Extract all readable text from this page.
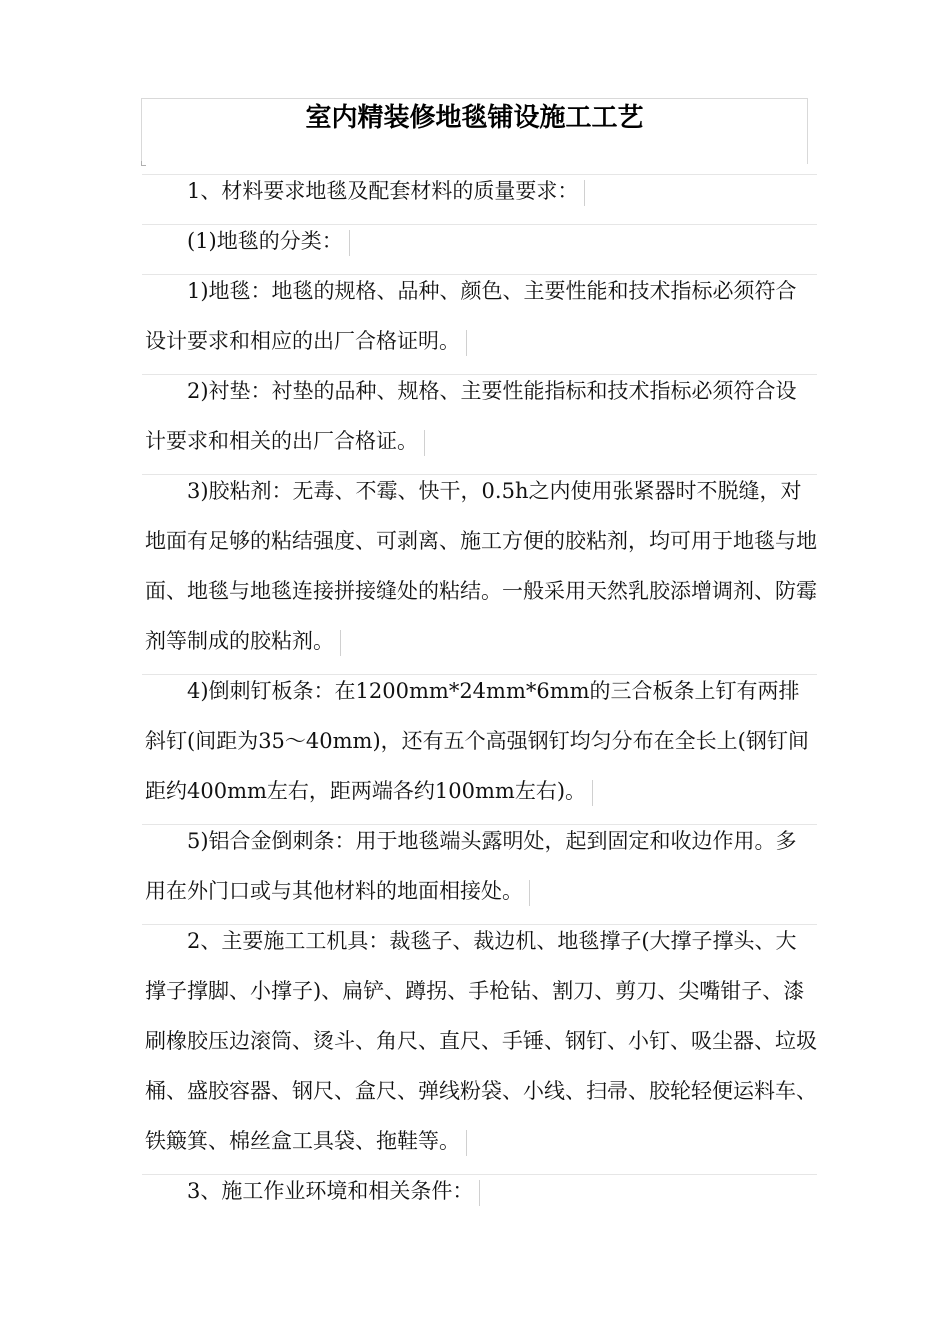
室内精装修地毯铺设施工工艺

1、材料要求地毯及配套材料的质量要求：

(1)地毯的分类：

1)地毯：地毯的规格、品种、颜色、主要性能和技术指标必须符合设计要求和相应的出厂合格证明。

2)衬垫：衬垫的品种、规格、主要性能指标和技术指标必须符合设计要求和相关的出厂合格证。

3)胶粘剂：无毒、不霉、快干，0.5h之内使用张紧器时不脱缝，对地面有足够的粘结强度、可剥离、施工方便的胶粘剂，均可用于地毯与地面、地毯与地毯连接拼接缝处的粘结。一般采用天然乳胶添增调剂、防霉剂等制成的胶粘剂。

4)倒刺钉板条：在1200mm*24mm*6mm的三合板条上钉有两排斜钉(间距为35～40mm)，还有五个高强钢钉均匀分布在全长上(钢钉间距约400mm左右，距两端各约100mm左右)。

5)铝合金倒刺条：用于地毯端头露明处，起到固定和收边作用。多用在外门口或与其他材料的地面相接处。

2、主要施工工机具：裁毯子、裁边机、地毯撑子(大撑子撑头、大撑子撑脚、小撑子)、扁铲、蹲拐、手枪钻、割刀、剪刀、尖嘴钳子、漆刷橡胶压边滚筒、烫斗、角尺、直尺、手锤、钢钉、小钉、吸尘器、垃圾桶、盛胶容器、钢尺、盒尺、弹线粉袋、小线、扫帚、胶轮轻便运料车、铁簸箕、棉丝盒工具袋、拖鞋等。

3、施工作业环境和相关条件：
